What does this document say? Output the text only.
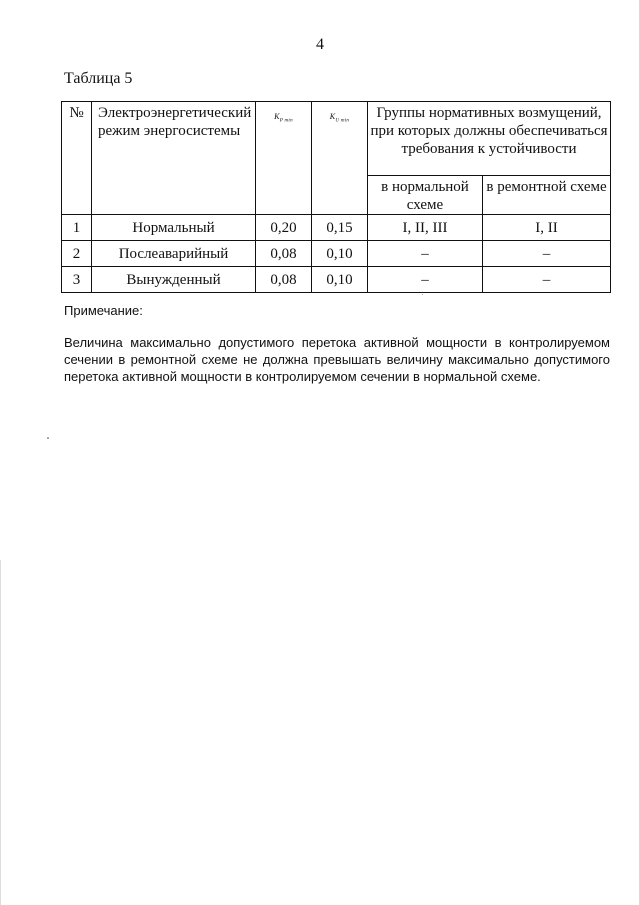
4
Таблица 5
№	Электроэнергетический режим энергосистемы	$K_{P min}$	$K_{U min}$	Группы нормативных возмущений, при которых должны обеспечиваться требования к устойчивости	
				в нормальной схеме	в ремонтной схеме
1	Нормальный	0,20	0,15	I, II, III	I, II
2	Послеаварийный	0,08	0,10	–	–
3	Вынужденный	0,08	0,10	–	–
Примечание:
Величина максимально допустимого перетока активной мощности в контролируемом сечении в ремонтной схеме не должна превышать величину максимально допустимого перетока активной мощности в контролируемом сечении в нормальной схеме.
